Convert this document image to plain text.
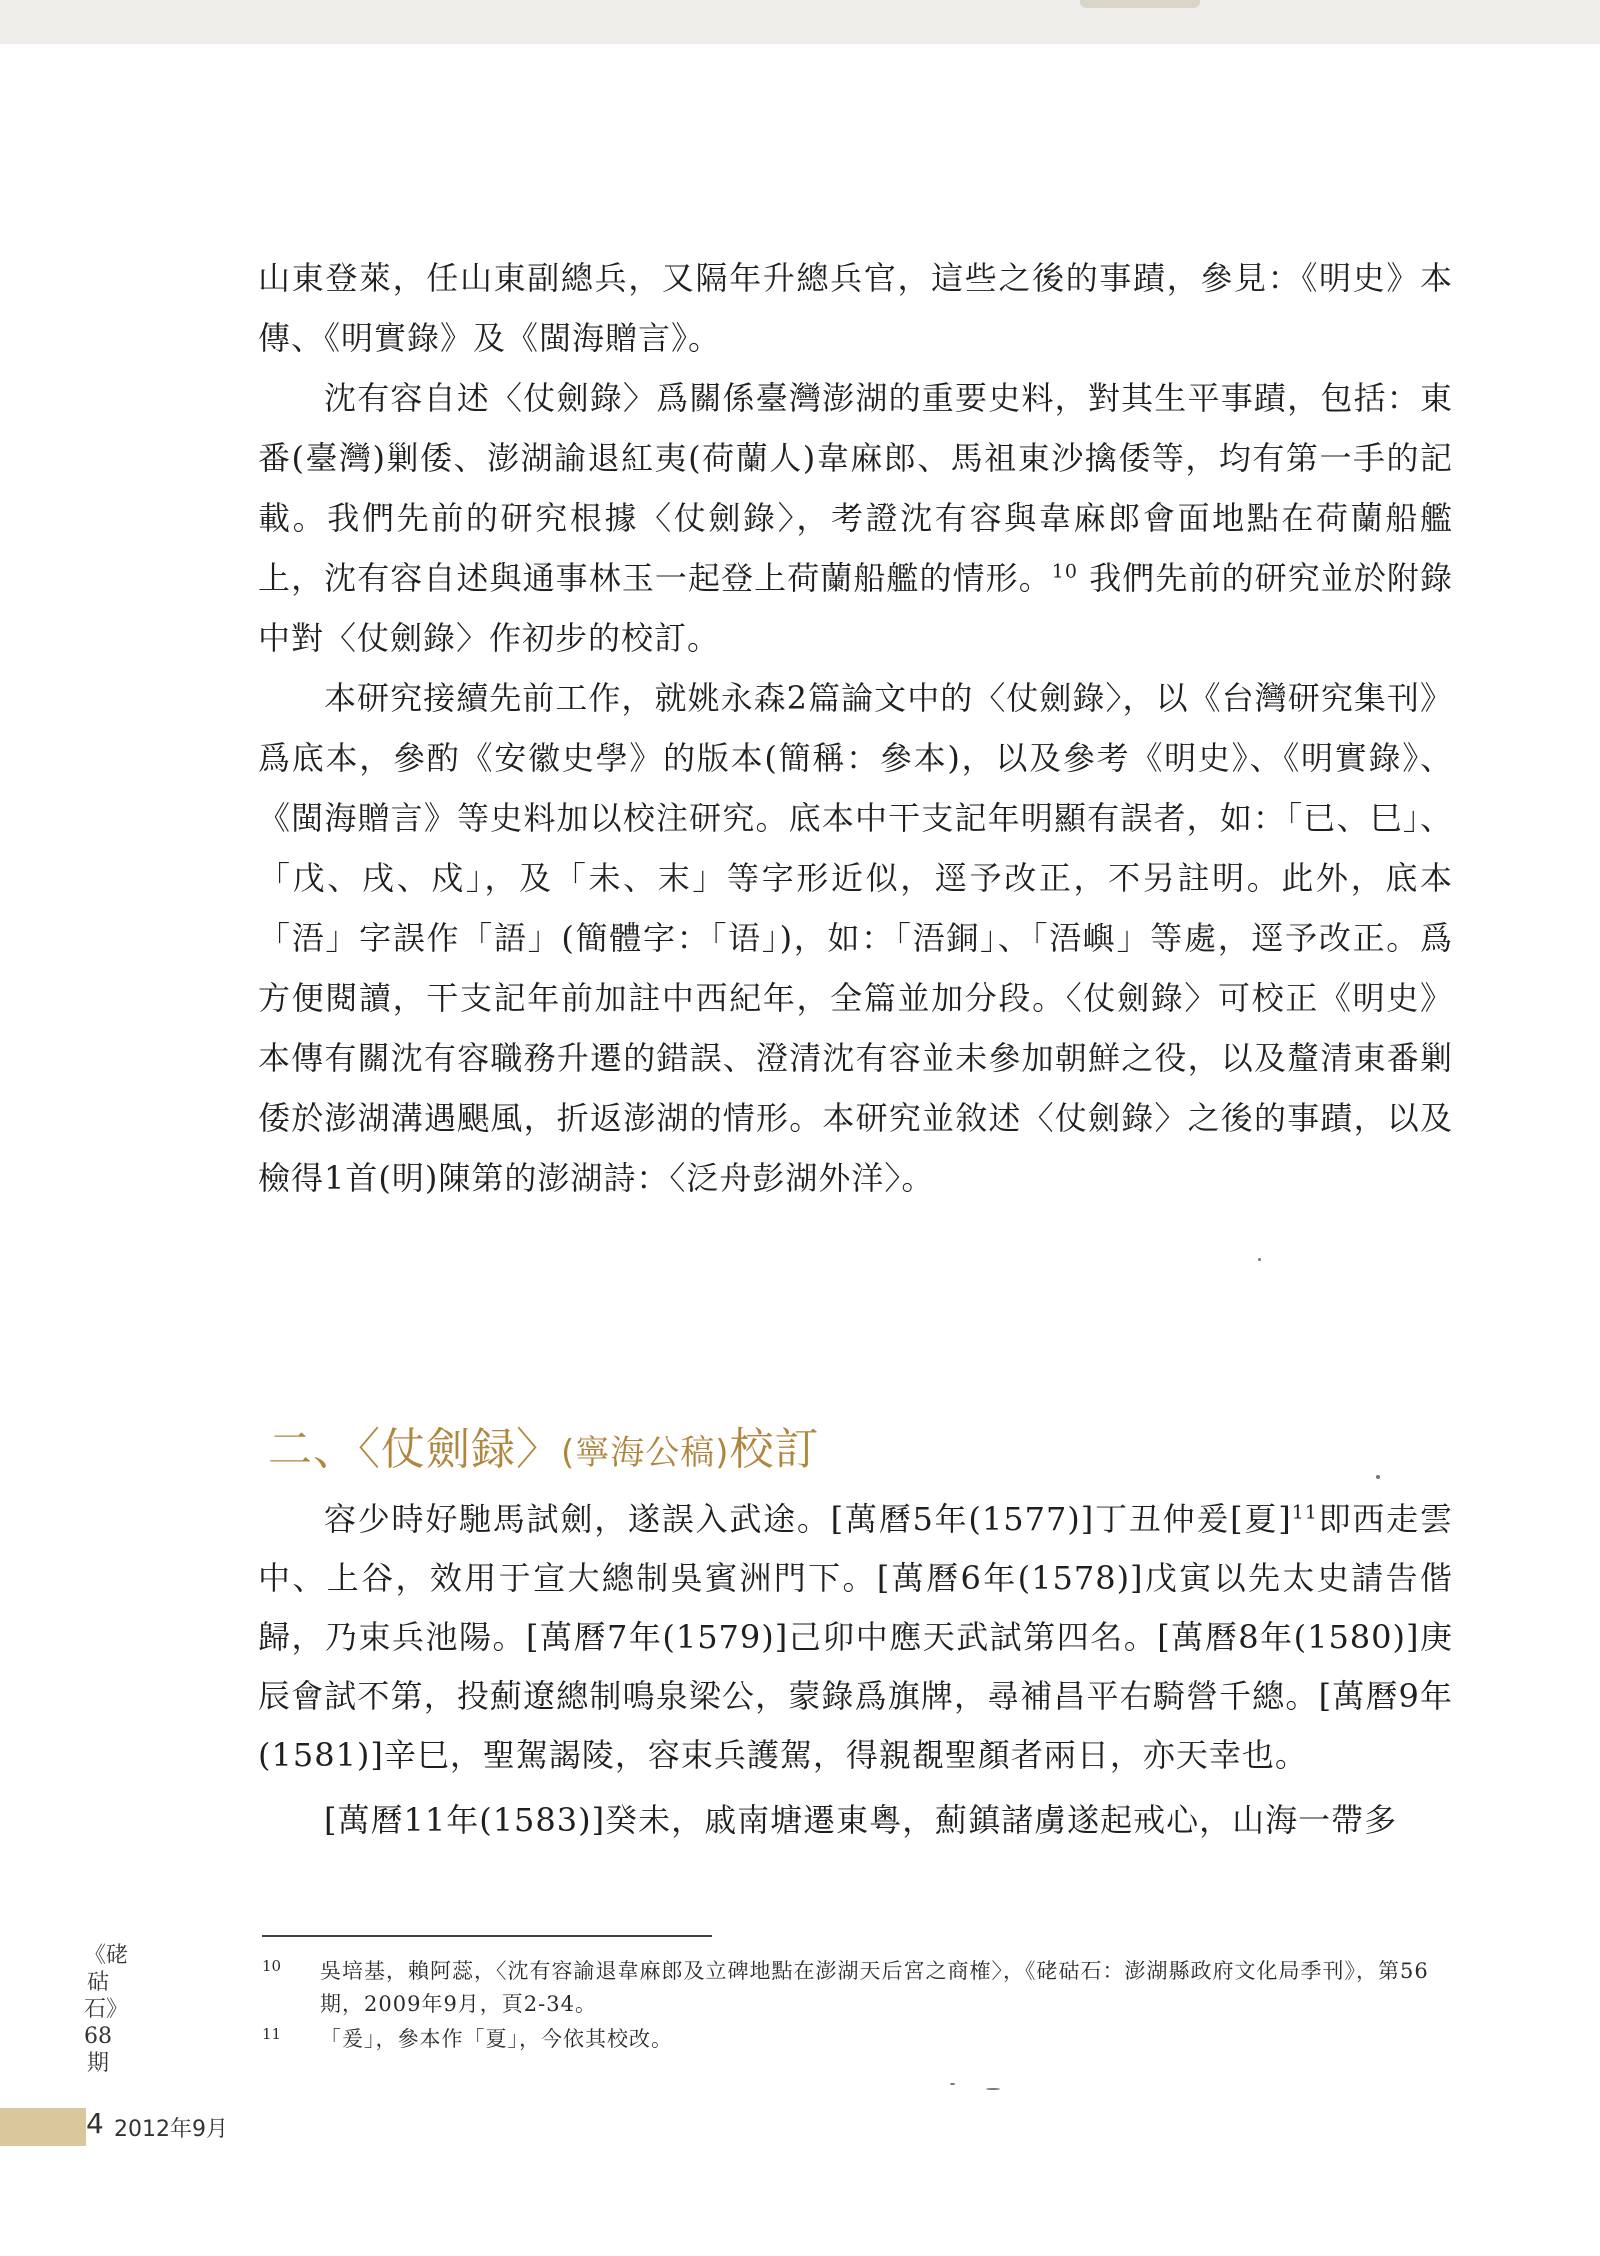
山東登萊，任山東副總兵，又隔年升總兵官，這些之後的事蹟，參見：《明史》本傳、《明實錄》及《閩海贈言》。

沈有容自述〈仗劍錄〉爲關係臺灣澎湖的重要史料，對其生平事蹟，包括：東番(臺灣)剿倭、澎湖諭退紅夷(荷蘭人)韋麻郎、馬祖東沙擒倭等，均有第一手的記載。我們先前的研究根據〈仗劍錄〉，考證沈有容與韋麻郎會面地點在荷蘭船艦上，沈有容自述與通事林玉一起登上荷蘭船艦的情形。$^{10}$ 我們先前的研究並於附錄中對〈仗劍錄〉作初步的校訂。

本研究接續先前工作，就姚永森2篇論文中的〈仗劍錄〉，以《台灣研究集刊》爲底本，參酌《安徽史學》的版本(簡稱：參本)，以及參考《明史》、《明實錄》、《閩海贈言》等史料加以校注研究。底本中干支記年明顯有誤者，如：「已、巳」、「戊、戌、戍」，及「未、末」等字形近似，逕予改正，不另註明。此外，底本「浯」字誤作「語」(簡體字：「语」)，如：「浯銅」、「浯嶼」等處，逕予改正。爲方便閱讀，干支記年前加註中西紀年，全篇並加分段。〈仗劍錄〉可校正《明史》本傳有關沈有容職務升遷的錯誤、澄清沈有容並未參加朝鮮之役，以及釐清東番剿倭於澎湖溝遇颶風，折返澎湖的情形。本研究並敘述〈仗劍錄〉之後的事蹟，以及檢得1首(明)陳第的澎湖詩：〈泛舟彭湖外洋〉。

二、〈仗劍録〉(寧海公稿)校訂

容少時好馳馬試劍，遂誤入武途。[萬曆5年(1577)]丁丑仲爰[夏]$^{11}$即西走雲中、上谷，效用于宣大總制吳賓洲門下。[萬曆6年(1578)]戊寅以先太史請告偕歸，乃束兵池陽。[萬曆7年(1579)]己卯中應天武試第四名。[萬曆8年(1580)]庚辰會試不第，投薊遼總制鳴泉梁公，蒙錄爲旗牌，尋補昌平右騎營千總。[萬曆9年(1581)]辛巳，聖駕謁陵，容束兵護駕，得親覩聖顏者兩日，亦天幸也。

[萬曆11年(1583)]癸未，戚南塘遷東粵，薊鎮諸虜遂起戒心，山海一帶多

10	吳培基，賴阿蕊，〈沈有容諭退韋麻郎及立碑地點在澎湖天后宮之商榷〉，《硓𥑮石：澎湖縣政府文化局季刊》，第56期，2009年9月，頁2-34。
11	「爰」，參本作「夏」，今依其校改。
《硓𥑮石》68期
4 2012年9月
